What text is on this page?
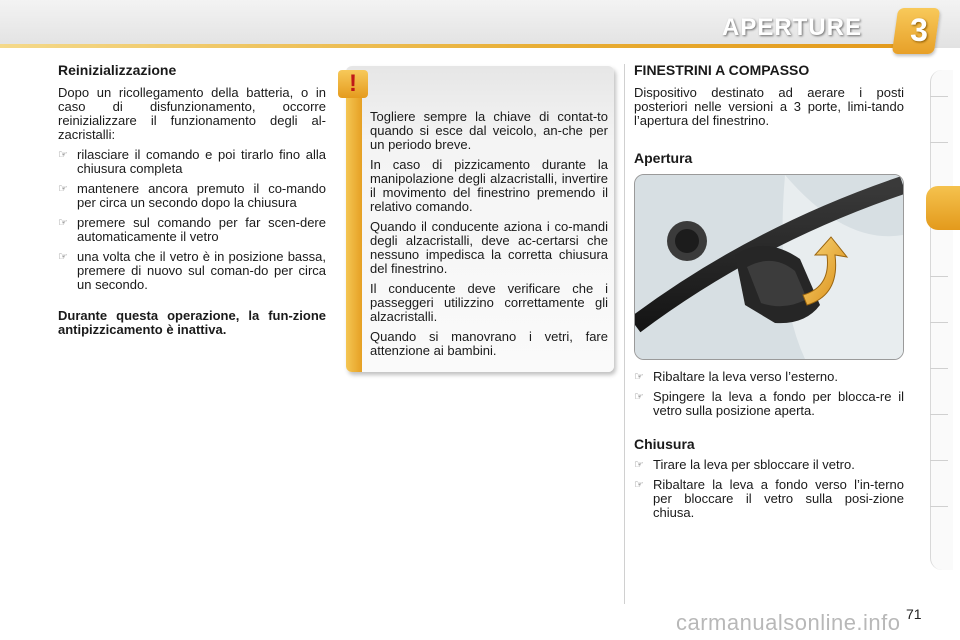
APERTURE 3
Reinizializzazione

Dopo un ricollegamento della batteria, o in caso di disfunzionamento, occorre reinizializzare il funzionamento degli al-zacristalli:

☞ rilasciare il comando e poi tirarlo fino alla chiusura completa
☞ mantenere ancora premuto il co-mando per circa un secondo dopo la chiusura
☞ premere sul comando per far scen-dere automaticamente il vetro
☞ una volta che il vetro è in posizione bassa, premere di nuovo sul coman-do per circa un secondo.

Durante questa operazione, la fun-zione antipizzicamento è inattiva.

!

Togliere sempre la chiave di contat-to quando si esce dal veicolo, an-che per un periodo breve.

In caso di pizzicamento durante la manipolazione degli alzacristalli, invertire il movimento del finestrino premendo il relativo comando.

Quando il conducente aziona i co-mandi degli alzacristalli, deve ac-certarsi che nessuno impedisca la corretta chiusura del finestrino.

Il conducente deve verificare che i passeggeri utilizzino correttamente gli alzacristalli.

Quando si manovrano i vetri, fare attenzione ai bambini.

FINESTRINI A COMPASSO

Dispositivo destinato ad aerare i posti posteriori nelle versioni a 3 porte, limi-tando l’apertura del finestrino.

Apertura
☞ Ribaltare la leva verso l’esterno.
☞ Spingere la leva a fondo per blocca-re il vetro sulla posizione aperta.
Chiusura
☞ Tirare la leva per sbloccare il vetro.
☞ Ribaltare la leva a fondo verso l’in-terno per bloccare il vetro sulla posi-zione chiusa.
carmanualsonline.info 71
